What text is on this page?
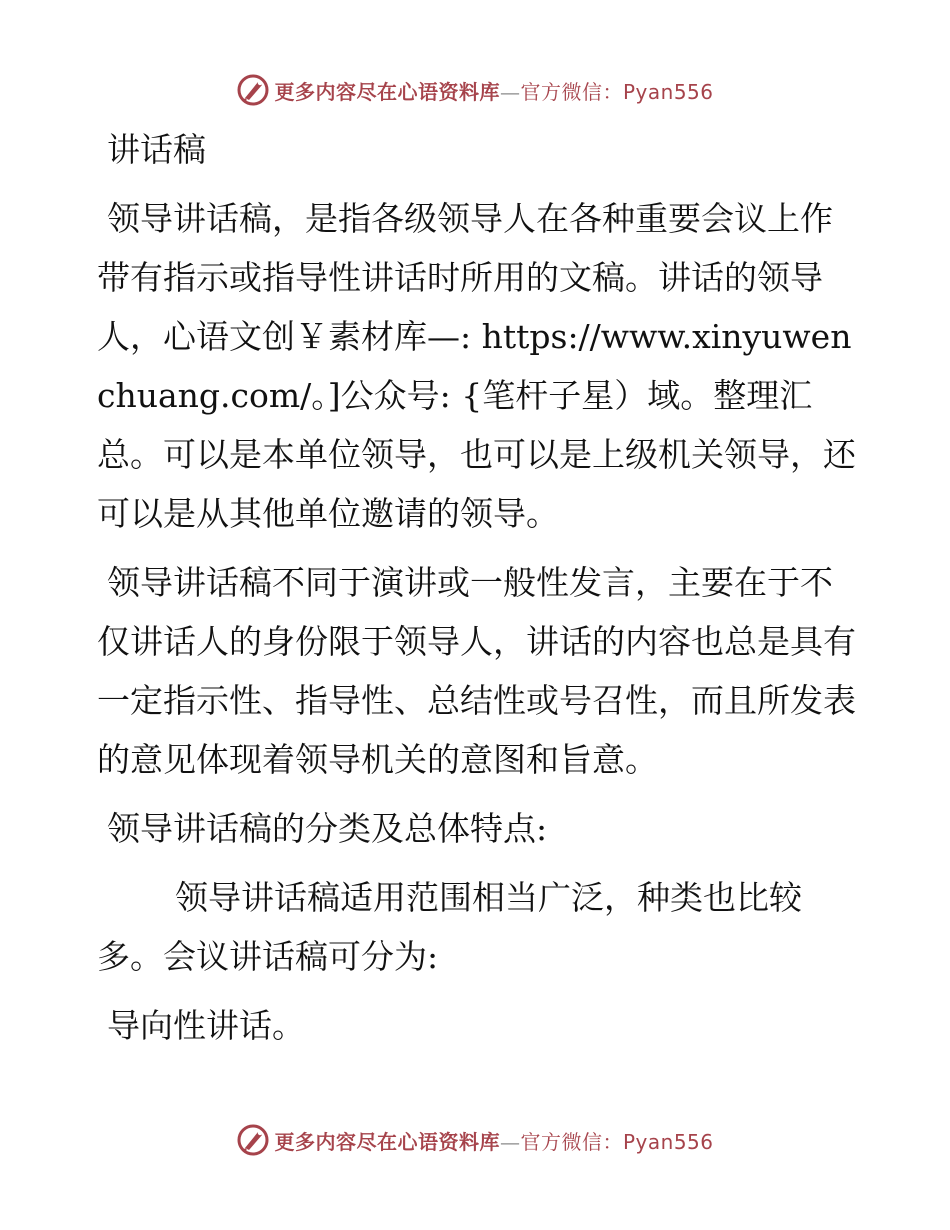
更多内容尽在心语资料库—官方微信：Pyan556
讲话稿
领导讲话稿，是指各级领导人在各种重要会议上作带有指示或指导性讲话时所用的文稿。讲话的领导人，心语文创￥素材库—: https://www.xinyuwenchuang.com/。]公众号: {笔杆子星）域。整理汇总。可以是本单位领导，也可以是上级机关领导，还可以是从其他单位邀请的领导。
领导讲话稿不同于演讲或一般性发言，主要在于不仅讲话人的身份限于领导人，讲话的内容也总是具有一定指示性、指导性、总结性或号召性，而且所发表的意见体现着领导机关的意图和旨意。
领导讲话稿的分类及总体特点:
领导讲话稿适用范围相当广泛，种类也比较多。会议讲话稿可分为:
导向性讲话。
更多内容尽在心语资料库—官方微信：Pyan556
